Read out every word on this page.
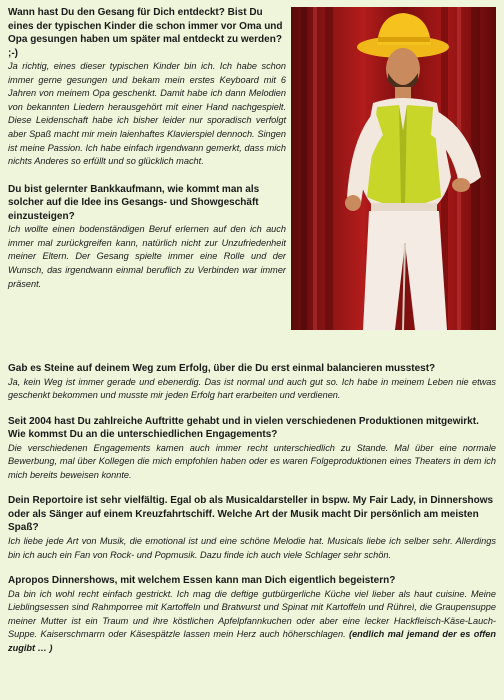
Wann hast Du den Gesang für Dich entdeckt? Bist Du eines der typischen Kinder die schon immer vor Oma und Opa gesungen haben um später mal entdeckt zu werden? ;-)

Ja richtig, eines dieser typischen Kinder bin ich. Ich habe schon immer gerne gesungen und bekam mein erstes Keyboard mit 6 Jahren von meinem Opa geschenkt. Damit habe ich dann Melodien von bekannten Liedern herausgehört mit einer Hand nachgespielt. Diese Leidenschaft habe ich bisher leider nur sporadisch verfolgt aber Spaß macht mir mein laienhaftes Klavierspiel dennoch. Singen ist meine Passion. Ich habe einfach irgendwann gemerkt, dass mich nichts Anderes so erfüllt und so glücklich macht.

Du bist gelernter Bankkaufmann, wie kommt man als solcher auf die Idee ins Gesangs- und Showgeschäft einzusteigen?

Ich wollte einen bodenständigen Beruf erlernen auf den ich auch immer mal zurückgreifen kann, natürlich nicht zur Unzufriedenheit meiner Eltern. Der Gesang spielte immer eine Rolle und der Wunsch, das irgendwann einmal beruflich zu Verbinden war immer präsent.

Gab es Steine auf deinem Weg zum Erfolg, über die Du erst einmal balancieren musstest?

Ja, kein Weg ist immer gerade und ebenerdig. Das ist normal und auch gut so. Ich habe in meinem Leben nie etwas geschenkt bekommen und musste mir jeden Erfolg hart erarbeiten und verdienen.

Seit 2004 hast Du zahlreiche Auftritte gehabt und in vielen verschiedenen Produktionen mitgewirkt. Wie kommst Du an die unterschiedlichen Engagements?

Die verschiedenen Engagements kamen auch immer recht unterschiedlich zu Stande. Mal über eine normale Bewerbung, mal über Kollegen die mich empfohlen haben oder es waren Folgeproduktionen eines Theaters in dem ich mich bereits beweisen konnte.

Dein Reportoire ist sehr vielfältig. Egal ob als Musicaldarsteller in bspw. My Fair Lady, in Dinnershows oder als Sänger auf einem Kreuzfahrtschiff. Welche Art der Musik macht Dir persönlich am meisten Spaß?

Ich liebe jede Art von Musik, die emotional ist und eine schöne Melodie hat. Musicals liebe ich selber sehr. Allerdings bin ich auch ein Fan von Rock- und Popmusik. Dazu finde ich auch viele Schlager sehr schön.

Apropos Dinnershows, mit welchem Essen kann man Dich eigentlich begeistern?

Da bin ich wohl recht einfach gestrickt. Ich mag die deftige gutbürgerliche Küche viel lieber als haut cuisine. Meine Lieblingsessen sind Rahmporree mit Kartoffeln und Bratwurst und Spinat mit Kartoffeln und Rühreì, die Graupensuppe meiner Mutter ist ein Traum und ihre köstlichen Apfelpfannkuchen oder aber eine lecker Hackfleisch-Käse-Lauch-Suppe. Kaiserschmarrn oder Käsespätzle lassen mein Herz auch höherschlagen. (endlich mal jemand der es offen zugibt … )
